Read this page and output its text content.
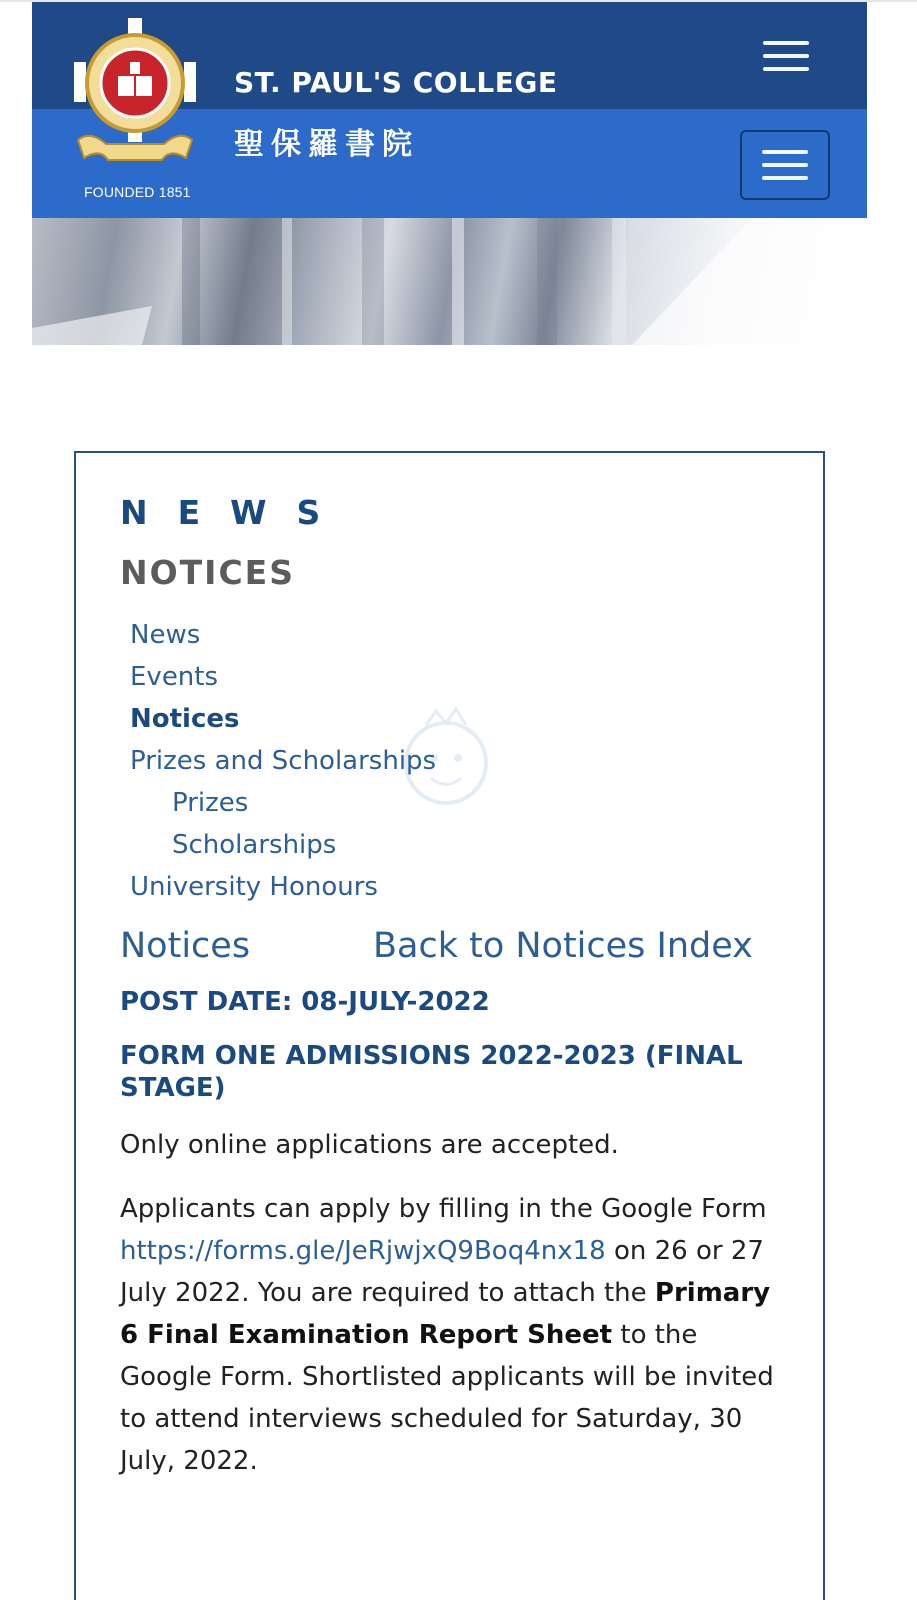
FOUNDED 1851
ST. PAUL'S COLLEGE
聖保羅書院
NEWS
NOTICES
News
Events
Notices
Prizes and Scholarships
Prizes
Scholarships
University Honours
Notices	Back to Notices Index
POST DATE: 08-JULY-2022
FORM ONE ADMISSIONS 2022-2023 (FINAL STAGE)
Only online applications are accepted.
Applicants can apply by filling in the Google Form https://forms.gle/JeRjwjxQ9Boq4nx18 on 26 or 27 July 2022. You are required to attach the Primary 6 Final Examination Report Sheet to the Google Form. Shortlisted applicants will be invited to attend interviews scheduled for Saturday, 30 July, 2022.
